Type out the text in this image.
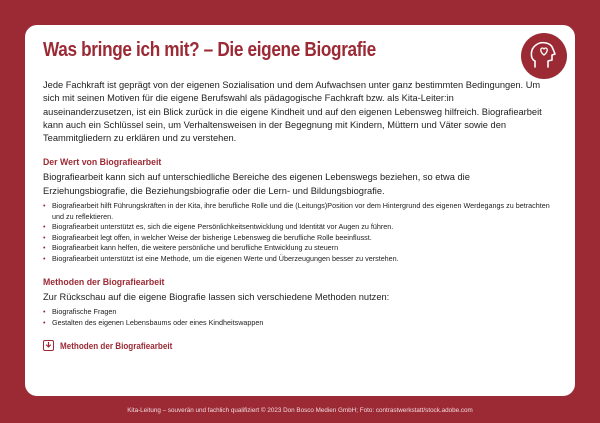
Was bringe ich mit? – Die eigene Biografie

Jede Fachkraft ist geprägt von der eigenen Sozialisation und dem Aufwachsen unter ganz bestimmten Bedingungen. Um sich mit seinen Motiven für die eigene Berufswahl als pädagogische Fachkraft bzw. als Kita-Leiter:in auseinanderzusetzen, ist ein Blick zurück in die eigene Kindheit und auf den eigenen Lebensweg hilfreich. Biografiearbeit kann auch ein Schlüssel sein, um Verhaltensweisen in der Begegnung mit Kindern, Müttern und Väter sowie den Teammitgliedern zu erklären und zu verstehen.

Der Wert von Biografiearbeit

Biografiearbeit kann sich auf unterschiedliche Bereiche des eigenen Lebenswegs beziehen, so etwa die Erziehungsbiografie, die Beziehungsbiografie oder die Lern- und Bildungsbiografie.

• Biografiearbeit hilft Führungskräften in der Kita, ihre berufliche Rolle und die (Leitungs)Position vor dem Hintergrund des eigenen Werdegangs zu betrachten und zu reflektieren.
• Biografiearbeit unterstützt es, sich die eigene Persönlichkeitsentwicklung und Identität vor Augen zu führen.
• Biografiearbeit legt offen, in welcher Weise der bisherige Lebensweg die berufliche Rolle beeinflusst.
• Biografiearbeit kann helfen, die weitere persönliche und berufliche Entwicklung zu steuern
• Biografiearbeit unterstützt ist eine Methode, um die eigenen Werte und Überzeugungen besser zu verstehen.
Methoden der Biografiearbeit

Zur Rückschau auf die eigene Biografie lassen sich verschiedene Methoden nutzen:

• Biografische Fragen
• Gestalten des eigenen Lebensbaums oder eines Kindheitswappen
Methoden der Biografiearbeit
Kita-Leitung – souverän und fachlich qualifiziert © 2023 Don Bosco Medien GmbH; Foto: contrastwerkstatt/stock.adobe.com
